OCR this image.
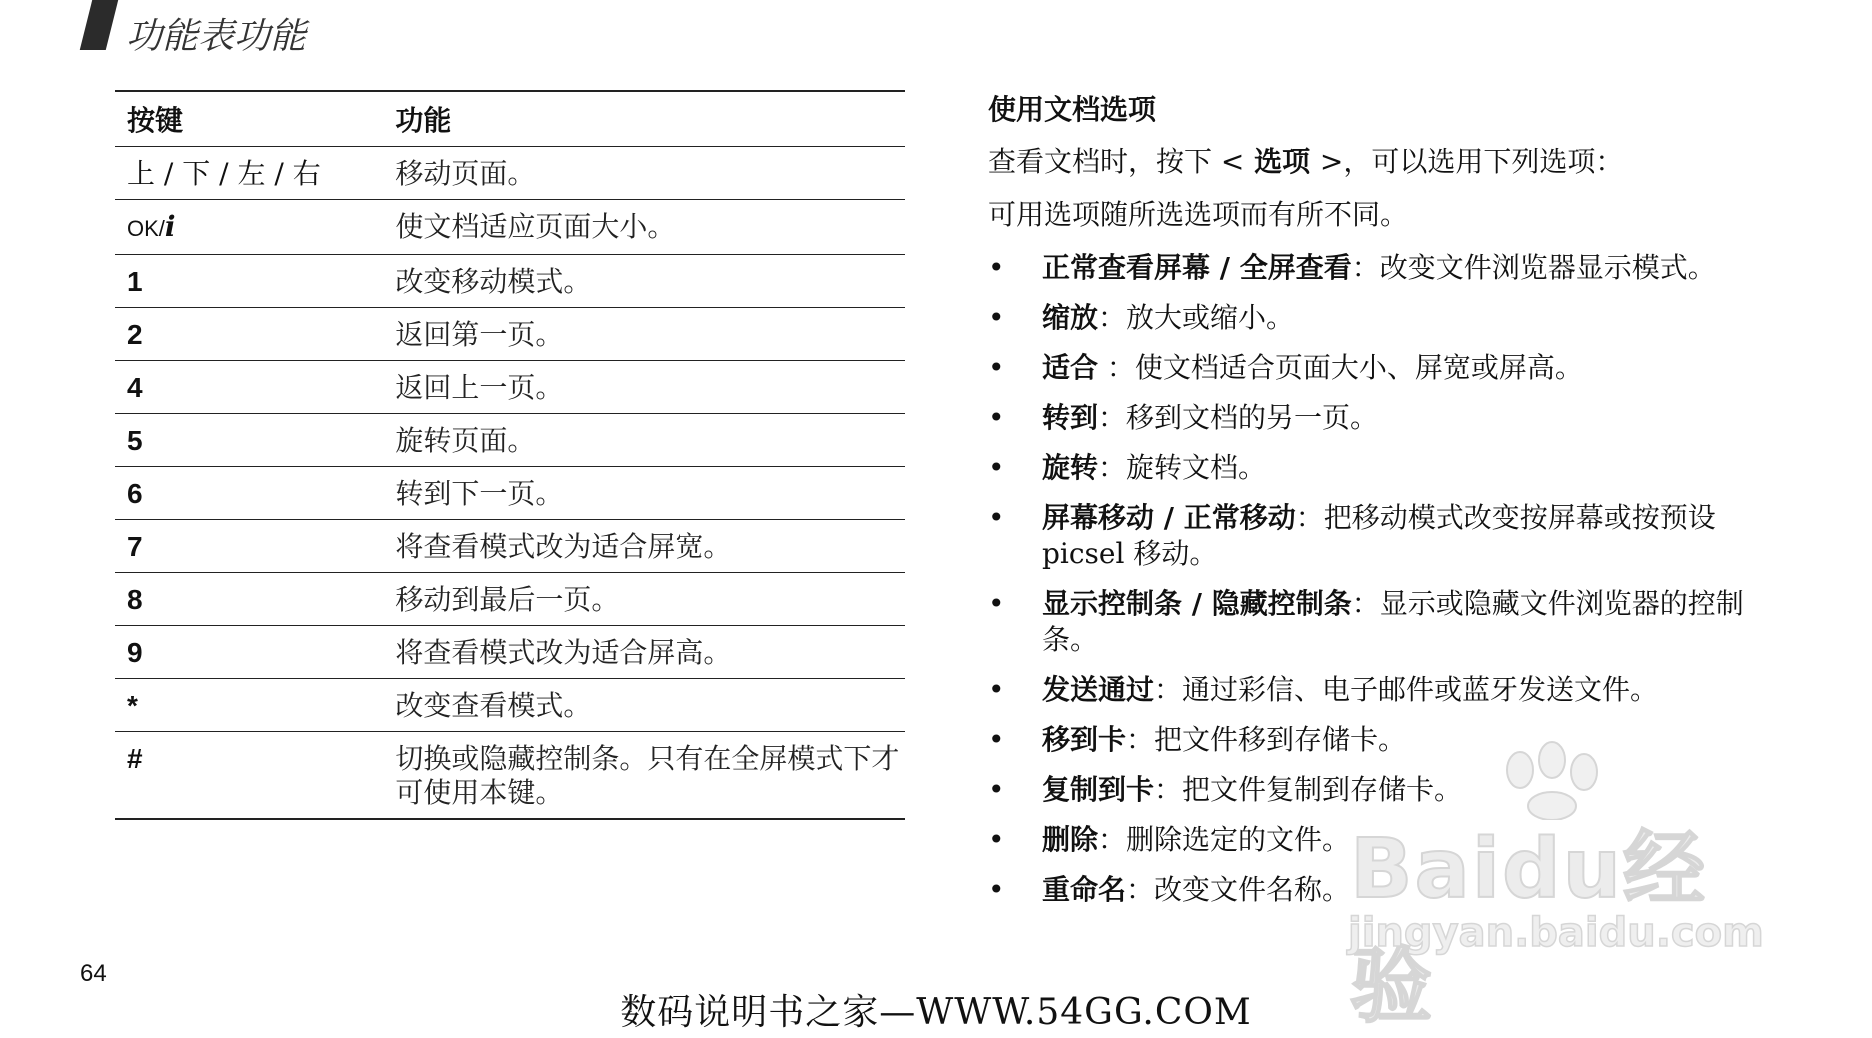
功能表功能
按键	功能
上 / 下 / 左 / 右	移动页面。
OK/𝒊	使文档适应页面大小。
1	改变移动模式。
2	返回第一页。
4	返回上一页。
5	旋转页面。
6	转到下一页。
7	将查看模式改为适合屏宽。
8	移动到最后一页。
9	将查看模式改为适合屏高。
*	改变查看模式。
#	切换或隐藏控制条。只有在全屏模式下才可使用本键。
使用文档选项

查看文档时，按下 < 选项 >，可以选用下列选项：

可用选项随所选选项而有所不同。

• 正常查看屏幕 / 全屏查看：改变文件浏览器显示模式。
• 缩放：放大或缩小。
• 适合 ：使文档适合页面大小、屏宽或屏高。
• 转到：移到文档的另一页。
• 旋转：旋转文档。
• 屏幕移动 / 正常移动：把移动模式改变按屏幕或按预设 picsel 移动。
• 显示控制条 / 隐藏控制条：显示或隐藏文件浏览器的控制条。
• 发送通过：通过彩信、电子邮件或蓝牙发送文件。
• 移到卡：把文件移到存储卡。
• 复制到卡：把文件复制到存储卡。
• 删除：删除选定的文件。
• 重命名：改变文件名称。 Baidu经验
jingyan.baidu.com
64
数码说明书之家—WWW.54GG.COM
